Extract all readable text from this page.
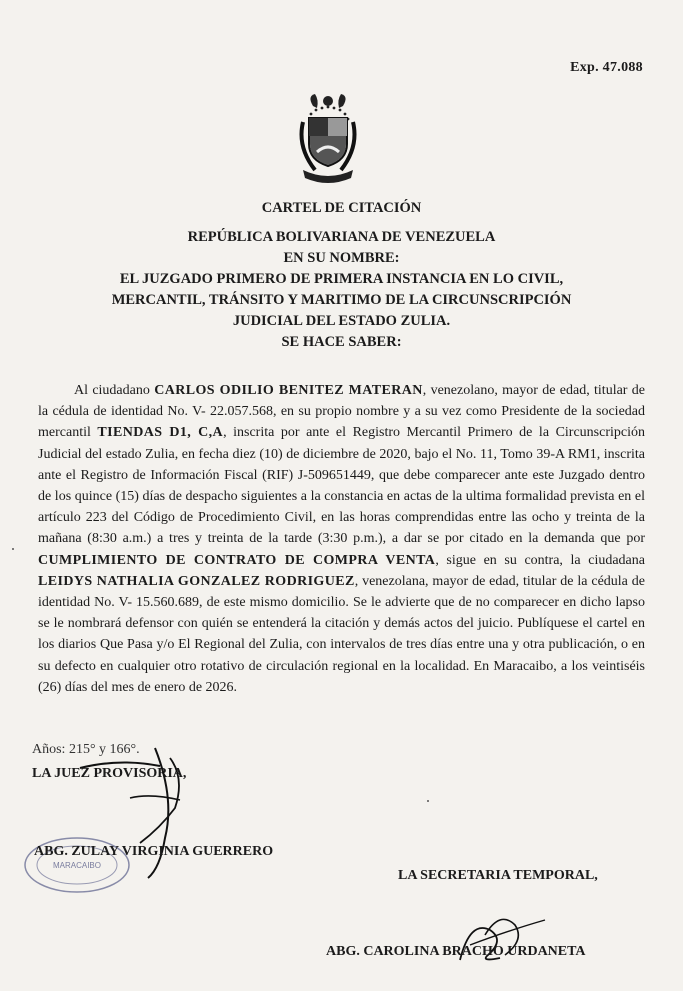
Exp. 47.088
CARTEL DE CITACIÓN
REPÚBLICA BOLIVARIANA DE VENEZUELA
EN SU NOMBRE:
EL JUZGADO PRIMERO DE PRIMERA INSTANCIA EN LO CIVIL,
MERCANTIL, TRÁNSITO Y MARITIMO DE LA CIRCUNSCRIPCIÓN
JUDICIAL DEL ESTADO ZULIA.
SE HACE SABER:

Al ciudadano CARLOS ODILIO BENITEZ MATERAN, venezolano, mayor de edad, titular de la cédula de identidad No. V- 22.057.568, en su propio nombre y a su vez como Presidente de la sociedad mercantil TIENDAS D1, C,A, inscrita por ante el Registro Mercantil Primero de la Circunscripción Judicial del estado Zulia, en fecha diez (10) de diciembre de 2020, bajo el No. 11, Tomo 39-A RM1, inscrita ante el Registro de Información Fiscal (RIF) J-509651449, que debe comparecer ante este Juzgado dentro de los quince (15) días de despacho siguientes a la constancia en actas de la ultima formalidad prevista en el artículo 223 del Código de Procedimiento Civil, en las horas comprendidas entre las ocho y treinta de la mañana (8:30 a.m.) a tres y treinta de la tarde (3:30 p.m.), a dar se por citado en la demanda que por CUMPLIMIENTO DE CONTRATO DE COMPRA VENTA, sigue en su contra, la ciudadana LEIDYS NATHALIA GONZALEZ RODRIGUEZ, venezolana, mayor de edad, titular de la cédula de identidad No. V- 15.560.689, de este mismo domicilio. Se le advierte que de no comparecer en dicho lapso se le nombrará defensor con quién se entenderá la citación y demás actos del juicio. Publíquese el cartel en los diarios Que Pasa y/o El Regional del Zulia, con intervalos de tres días entre una y otra publicación, o en su defecto en cualquier otro rotativo de circulación regional en la localidad. En Maracaibo, a los veintiséis (26) días del mes de enero de 2026.

Años: 215° y 166°.
LA JUEZ PROVISORIA,
MARACAIBO
ABG. ZULAY VIRGINIA GUERRERO
LA SECRETARIA TEMPORAL,
ABG. CAROLINA BRACHO URDANETA
